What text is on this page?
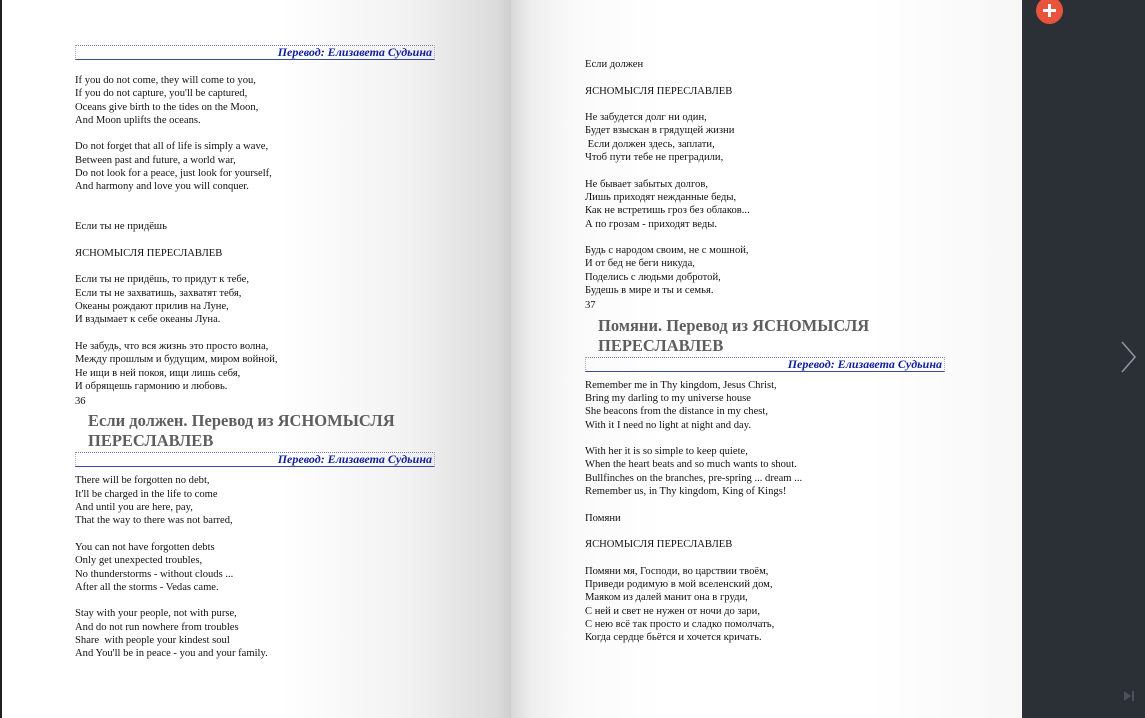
Перевод: Елизавета Судьина

If you do not come, they will come to you,

If you do not capture, you'll be captured,

Oceans give birth to the tides on the Moon,

And Moon uplifts the oceans.

Do not forget that all of life is simply a wave,

Between past and future, a world war,

Do not look for a peace, just look for yourself,

And harmony and love you will conquer.

Если ты не придёшь

ЯСНОМЫСЛЯ ПЕРЕСЛАВЛЕВ

Если ты не придёшь, то придут к тебе,

Если ты не захватишь, захватят тебя,

Океаны рождают прилив на Луне,

И вздымает к себе океаны Луна.

Не забудь, что вся жизнь это просто волна,

Между прошлым и будущим, миром войной,

Не ищи в ней покоя, ищи лишь себя,

И обрящешь гармонию и любовь.

36

Если должен. Перевод из ЯСНОМЫСЛЯ
ПЕРЕСЛАВЛЕВ

Перевод: Елизавета Судьина

There will be forgotten no debt,

It'll be charged in the life to come

And until you are here, pay,

That the way to there was not barred,

You can not have forgotten debts

Only get unexpected troubles,

No thunderstorms - without clouds ...

After all the storms - Vedas came.

Stay with your people, not with purse,

And do not run nowhere from troubles

Share  with people your kindest soul

And You'll be in peace - you and your family.

Если должен

ЯСНОМЫСЛЯ ПЕРЕСЛАВЛЕВ

Не забудется долг ни один,

Будет взыскан в грядущей жизни

Если должен здесь, заплати,

Чтоб пути тебе не преградили,

Не бывает забытых долгов,

Лишь приходят нежданные беды,

Как не встретишь гроз без облаков...

А по грозам - приходят веды.

Будь с народом своим, не с мошной,

И от бед не беги никуда,

Поделись с людьми добротой,

Будешь в мире и ты и семья.

37

Помяни. Перевод из ЯСНОМЫСЛЯ
ПЕРЕСЛАВЛЕВ

Перевод: Елизавета Судьина

Remember me in Thy kingdom, Jesus Christ,

Bring my darling to my universe house

She beacons from the distance in my chest,

With it I need no light at night and day.

With her it is so simple to keep quiete,

When the heart beats and so much wants to shout.

Bullfinches on the branches, pre-spring ... dream ...

Remember us, in Thy kingdom, King of Kings!

Помяни

ЯСНОМЫСЛЯ ПЕРЕСЛАВЛЕВ

Помяни мя, Господи, во царствии твоём,

Приведи родимую в мой вселенский дом,

Маяком из далей манит она в груди,

С ней и свет не нужен от ночи до зари,

С нею всё так просто и сладко помолчать,

Когда сердце бьётся и хочется кричать.
